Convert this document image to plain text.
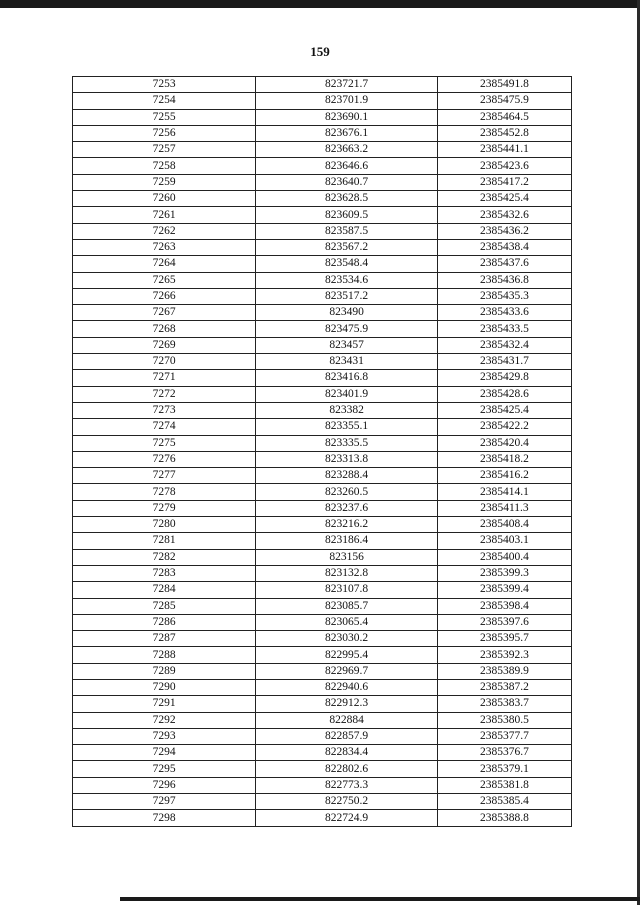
159
7253	823721.7	2385491.8
7254	823701.9	2385475.9
7255	823690.1	2385464.5
7256	823676.1	2385452.8
7257	823663.2	2385441.1
7258	823646.6	2385423.6
7259	823640.7	2385417.2
7260	823628.5	2385425.4
7261	823609.5	2385432.6
7262	823587.5	2385436.2
7263	823567.2	2385438.4
7264	823548.4	2385437.6
7265	823534.6	2385436.8
7266	823517.2	2385435.3
7267	823490	2385433.6
7268	823475.9	2385433.5
7269	823457	2385432.4
7270	823431	2385431.7
7271	823416.8	2385429.8
7272	823401.9	2385428.6
7273	823382	2385425.4
7274	823355.1	2385422.2
7275	823335.5	2385420.4
7276	823313.8	2385418.2
7277	823288.4	2385416.2
7278	823260.5	2385414.1
7279	823237.6	2385411.3
7280	823216.2	2385408.4
7281	823186.4	2385403.1
7282	823156	2385400.4
7283	823132.8	2385399.3
7284	823107.8	2385399.4
7285	823085.7	2385398.4
7286	823065.4	2385397.6
7287	823030.2	2385395.7
7288	822995.4	2385392.3
7289	822969.7	2385389.9
7290	822940.6	2385387.2
7291	822912.3	2385383.7
7292	822884	2385380.5
7293	822857.9	2385377.7
7294	822834.4	2385376.7
7295	822802.6	2385379.1
7296	822773.3	2385381.8
7297	822750.2	2385385.4
7298	822724.9	2385388.8
